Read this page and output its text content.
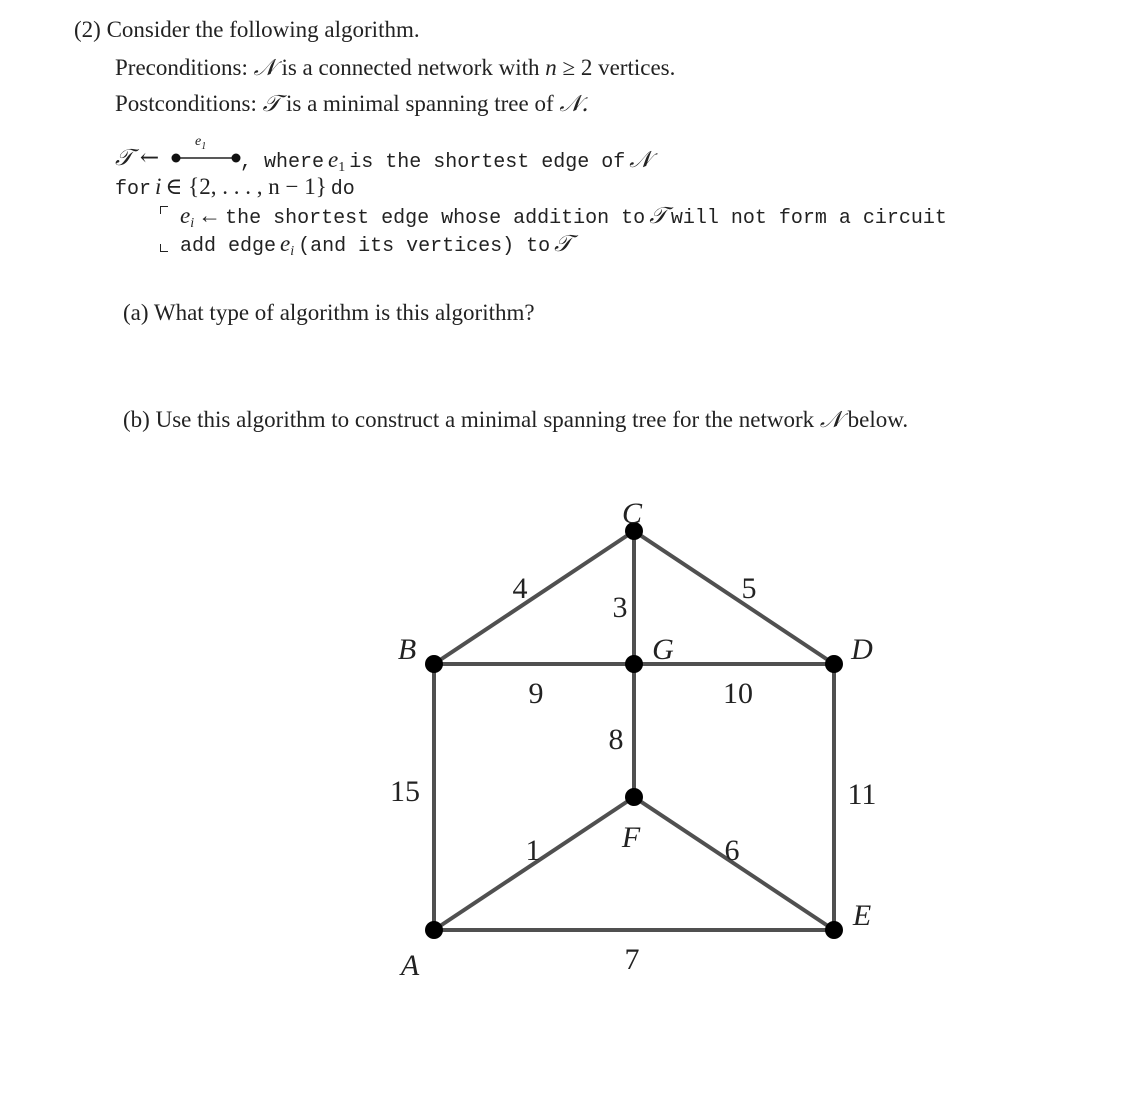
(2) Consider the following algorithm.
Preconditions: 𝒩 is a connected network with n ≥ 2 vertices.
Postconditions: 𝒯 is a minimal spanning tree of 𝒩.
𝒯 ←
$e_1$
, where $e_1$ is the shortest edge of 𝒩
for i ∈ {2, . . . , n − 1} do
$e_i$ ← the shortest edge whose addition to 𝒯 will not form a circuit
add edge $e_i$ (and its vertices) to 𝒯
(a) What type of algorithm is this algorithm?
(b) Use this algorithm to construct a minimal spanning tree for the network 𝒩 below.
4
3
5
9	10
8
15	11
1	6
7
C
B	G	D
F
A
E
